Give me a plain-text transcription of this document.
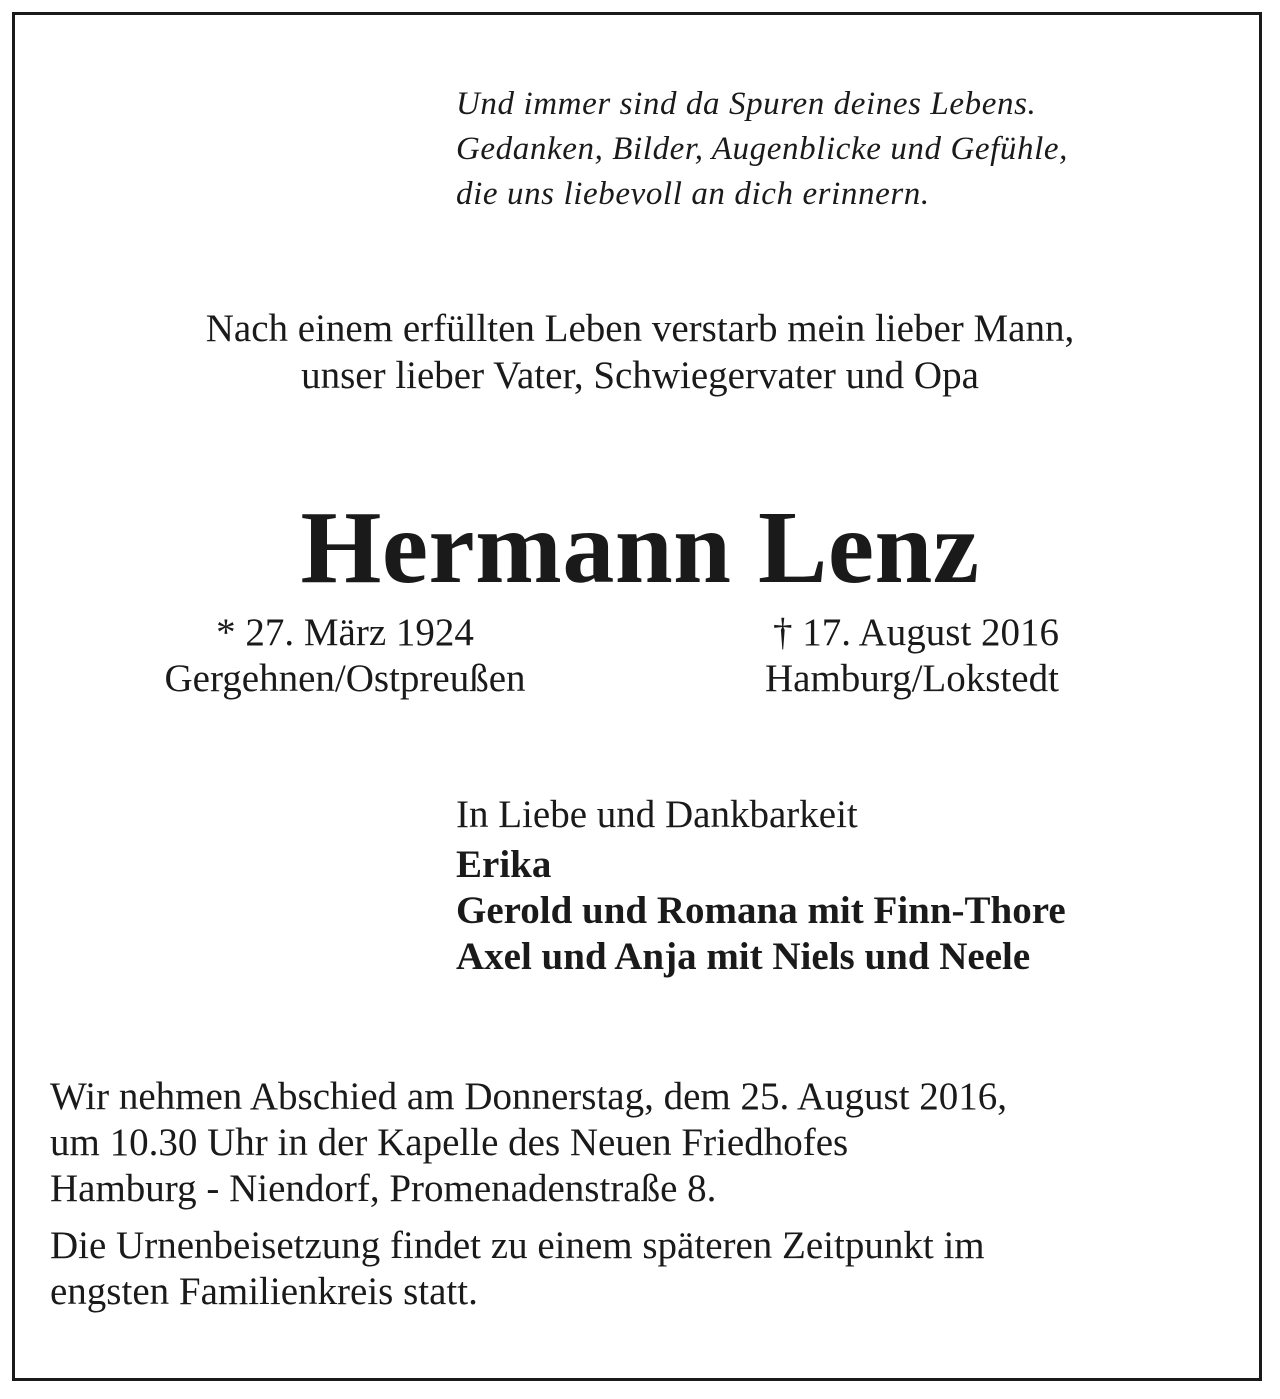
Und immer sind da Spuren deines Lebens.
Gedanken, Bilder, Augenblicke und Gefühle,
die uns liebevoll an dich erinnern.
Nach einem erfüllten Leben verstarb mein lieber Mann,
unser lieber Vater, Schwiegervater und Opa
Hermann Lenz
* 27. März 1924
Gergehnen/Ostpreußen
† 17. August 2016
Hamburg/Lokstedt
In Liebe und Dankbarkeit
Erika
Gerold und Romana mit Finn-Thore
Axel und Anja mit Niels und Neele
Wir nehmen Abschied am Donnerstag, dem 25. August 2016,
um 10.30 Uhr in der Kapelle des Neuen Friedhofes
Hamburg - Niendorf, Promenadenstraße 8.
Die Urnenbeisetzung findet zu einem späteren Zeitpunkt im
engsten Familienkreis statt.
